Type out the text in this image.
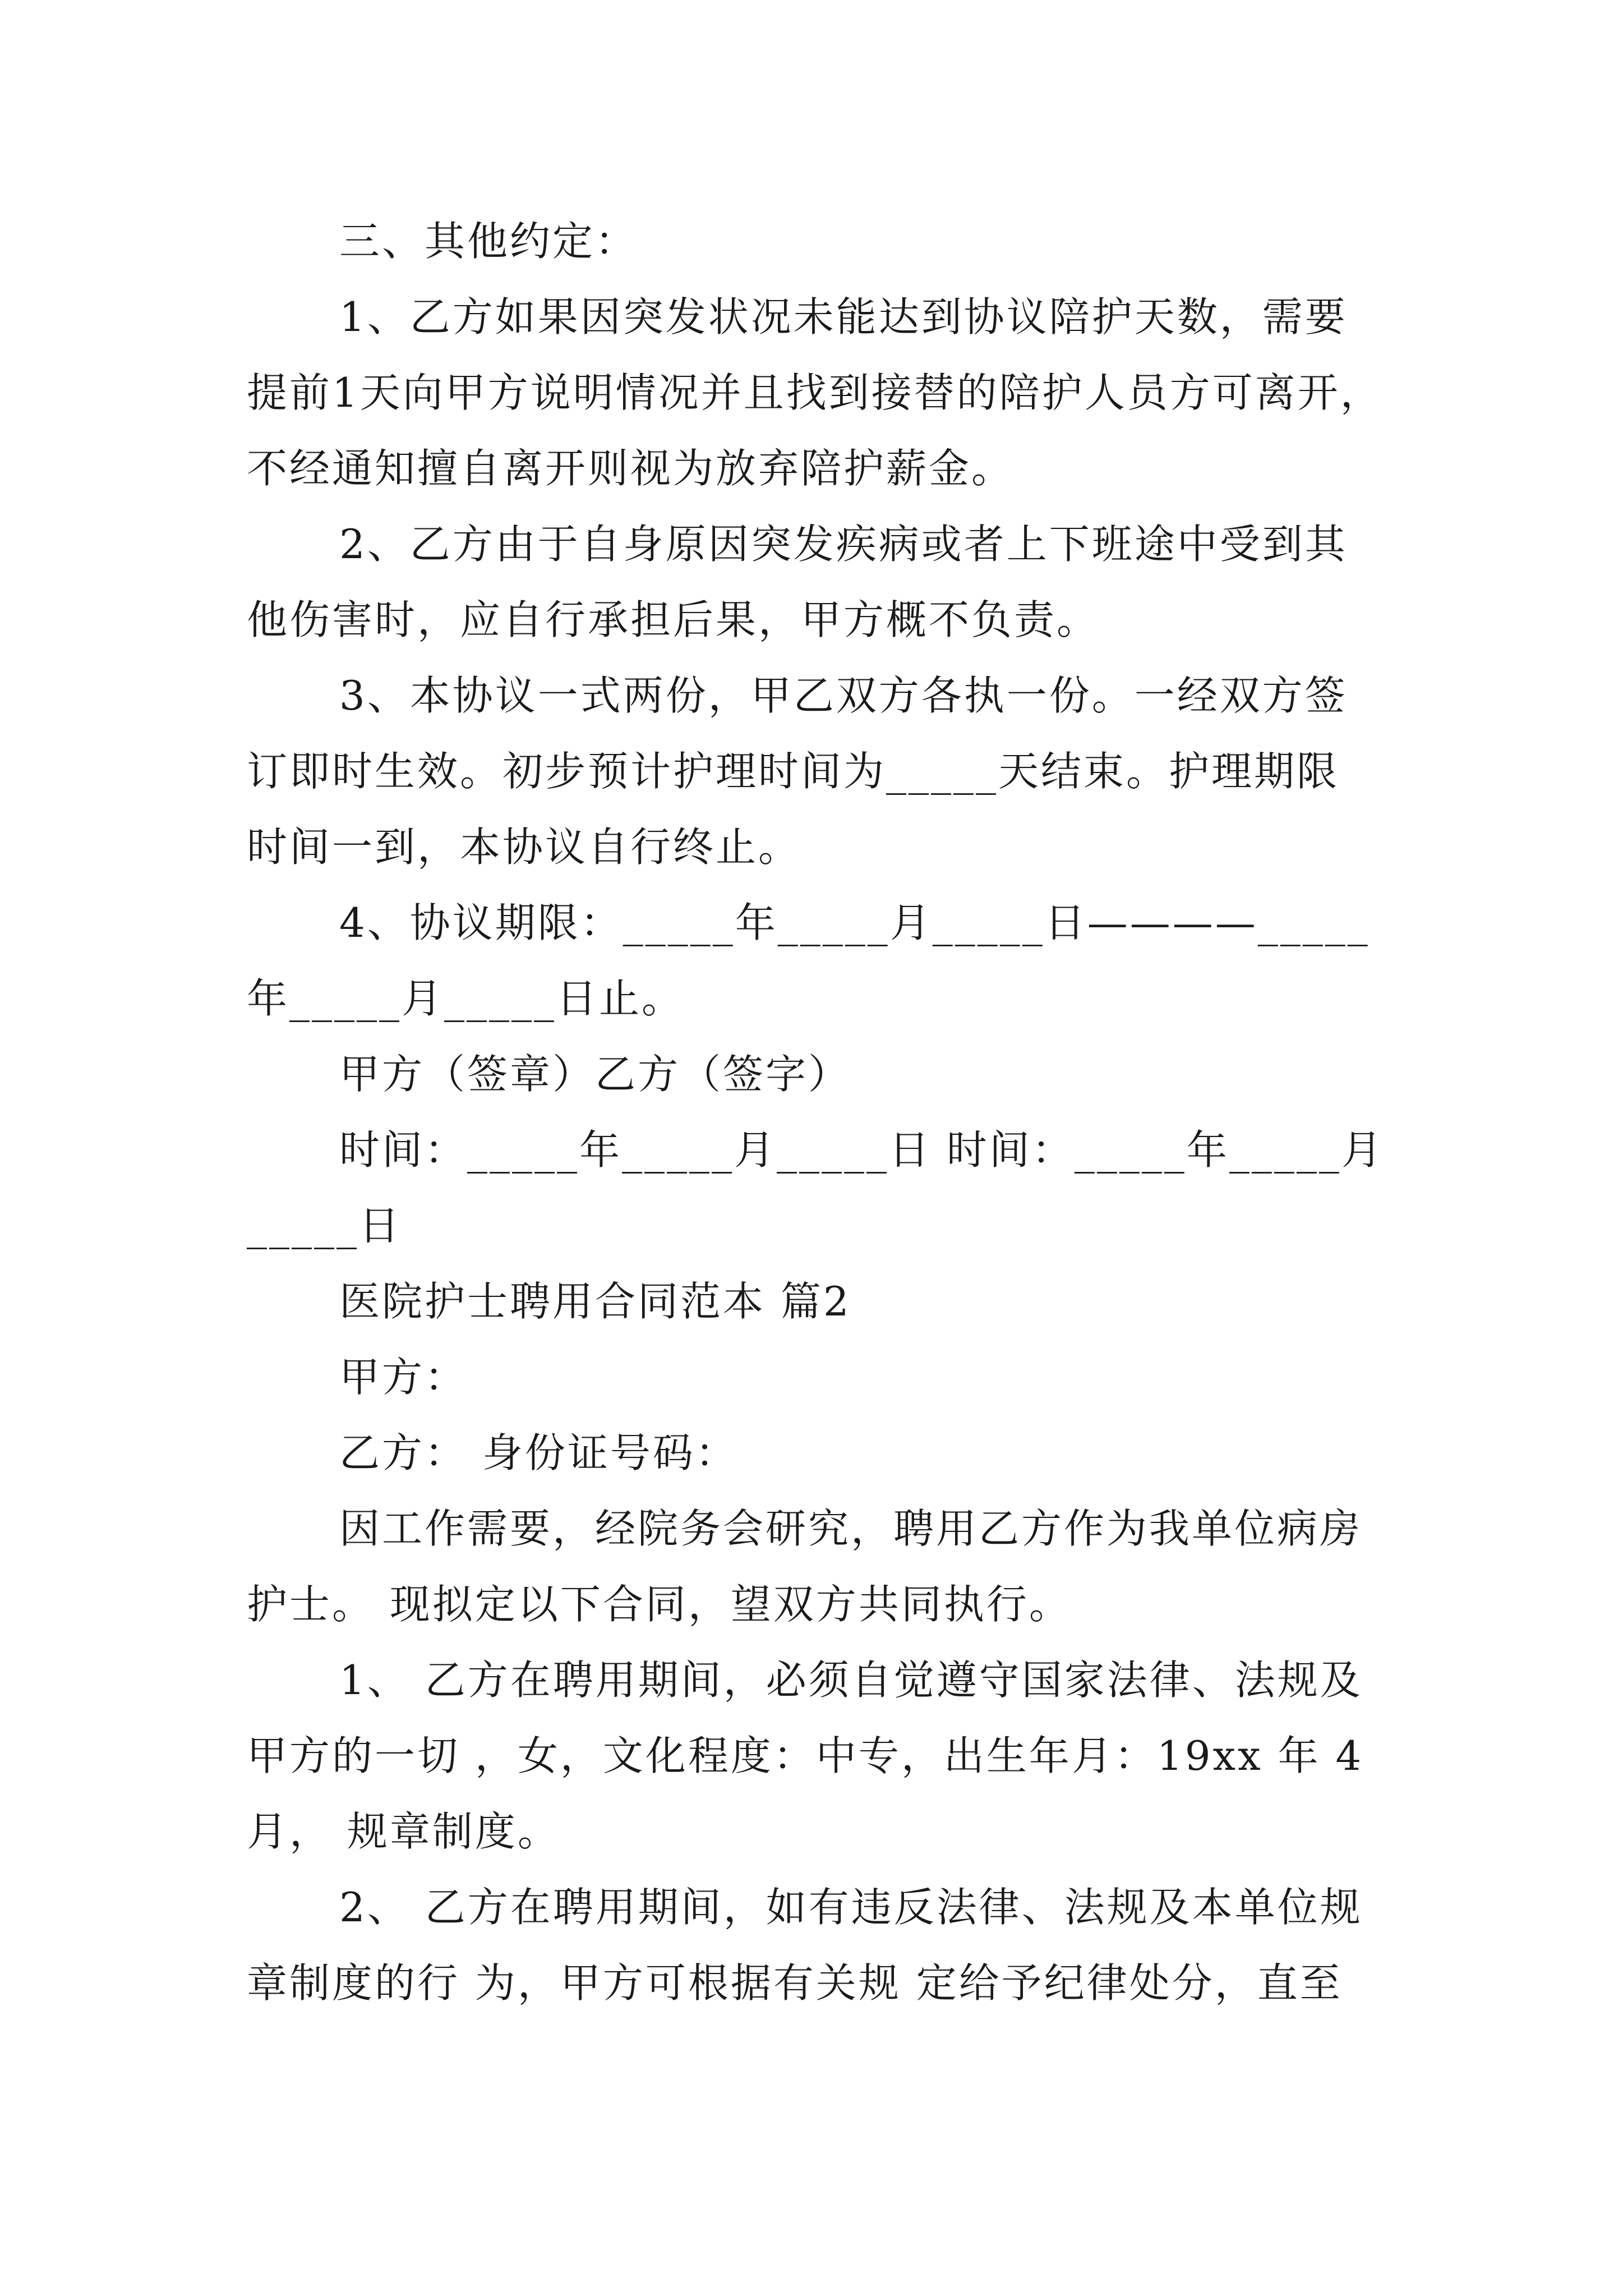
三、其他约定：

1、乙方如果因突发状况未能达到协议陪护天数，需要

提前1天向甲方说明情况并且找到接替的陪护人员方可离开，

不经通知擅自离开则视为放弃陪护薪金。

2、乙方由于自身原因突发疾病或者上下班途中受到其

他伤害时，应自行承担后果，甲方概不负责。

3、本协议一式两份，甲乙双方各执一份。一经双方签

订即时生效。初步预计护理时间为_____天结束。护理期限

时间一到，本协议自行终止。

4、协议期限：_____年_____月_____日————_____

年_____月_____日止。

甲方（签章）乙方（签字）

时间：_____年_____月_____日 时间：_____年_____月

_____日

医院护士聘用合同范本 篇2

甲方：

乙方： 身份证号码：

因工作需要，经院务会研究，聘用乙方作为我单位病房

护士。 现拟定以下合同，望双方共同执行。

1、 乙方在聘用期间，必须自觉遵守国家法律、法规及

甲方的一切 ，女，文化程度：中专，出生年月：19xx 年 4

月， 规章制度。

2、 乙方在聘用期间，如有违反法律、法规及本单位规

章制度的行 为，甲方可根据有关规 定给予纪律处分，直至
